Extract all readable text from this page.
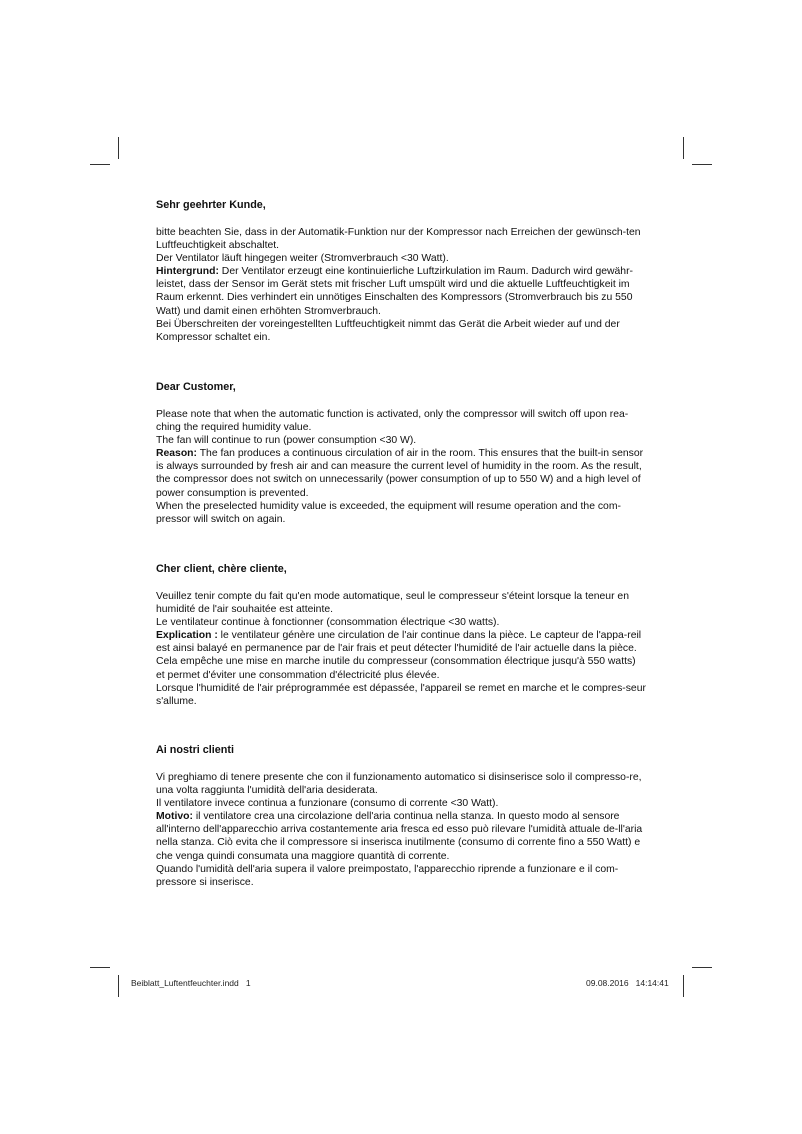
Sehr geehrter Kunde,

bitte beachten Sie, dass in der Automatik-Funktion nur der Kompressor nach Erreichen der gewünsch-ten Luftfeuchtigkeit abschaltet.

Der Ventilator läuft hingegen weiter (Stromverbrauch <30 Watt).

Hintergrund: Der Ventilator erzeugt eine kontinuierliche Luftzirkulation im Raum. Dadurch wird gewähr-leistet, dass der Sensor im Gerät stets mit frischer Luft umspült wird und die aktuelle Luftfeuchtigkeit im Raum erkennt. Dies verhindert ein unnötiges Einschalten des Kompressors (Stromverbrauch bis zu 550 Watt) und damit einen erhöhten Stromverbrauch.

Bei Überschreiten der voreingestellten Luftfeuchtigkeit nimmt das Gerät die Arbeit wieder auf und der Kompressor schaltet ein.

Dear Customer,

Please note that when the automatic function is activated, only the compressor will switch off upon rea-ching the required humidity value.

The fan will continue to run (power consumption <30 W).

Reason: The fan produces a continuous circulation of air in the room. This ensures that the built-in sensor is always surrounded by fresh air and can measure the current level of humidity in the room. As the result, the compressor does not switch on unnecessarily (power consumption of up to 550 W) and a high level of power consumption is prevented.

When the preselected humidity value is exceeded, the equipment will resume operation and the com-pressor will switch on again.

Cher client, chère cliente,

Veuillez tenir compte du fait qu'en mode automatique, seul le compresseur s'éteint lorsque la teneur en humidité de l'air souhaitée est atteinte.

Le ventilateur continue à fonctionner (consommation électrique <30 watts).

Explication : le ventilateur génère une circulation de l'air continue dans la pièce. Le capteur de l'appa-reil est ainsi balayé en permanence par de l'air frais et peut détecter l'humidité de l'air actuelle dans la pièce. Cela empêche une mise en marche inutile du compresseur (consommation électrique jusqu'à 550 watts) et permet d'éviter une consommation d'électricité plus élevée.

Lorsque l'humidité de l'air préprogrammée est dépassée, l'appareil se remet en marche et le compres-seur s'allume.

Ai nostri clienti

Vi preghiamo di tenere presente che con il funzionamento automatico si disinserisce solo il compresso-re, una volta raggiunta l'umidità dell'aria desiderata.

Il ventilatore invece continua a funzionare (consumo di corrente <30 Watt).

Motivo: il ventilatore crea una circolazione dell'aria continua nella stanza. In questo modo al sensore all'interno dell'apparecchio arriva costantemente aria fresca ed esso può rilevare l'umidità attuale de-ll'aria nella stanza. Ciò evita che il compressore si inserisca inutilmente (consumo di corrente fino a 550 Watt) e che venga quindi consumata una maggiore quantità di corrente.

Quando l'umidità dell'aria supera il valore preimpostato, l'apparecchio riprende a funzionare e il com-pressore si inserisce.

Beiblatt_Luftentfeuchter.indd   1	09.08.2016   14:14:41
